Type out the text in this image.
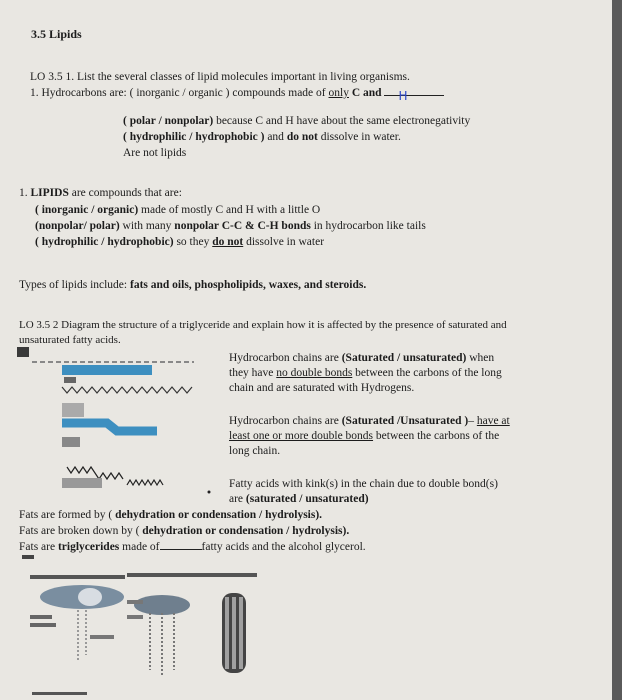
3.5 Lipids
LO 3.5 1. List the several classes of lipid molecules important in living organisms.
1. Hydrocarbons are: ( inorganic / organic ) compounds made of only C and H
( polar / nonpolar) because C and H have about the same electronegativity
( hydrophilic / hydrophobic ) and do not dissolve in water.
Are not lipids
1. LIPIDS are compounds that are:
( inorganic / organic) made of mostly C and H with a little O
(nonpolar/ polar) with many nonpolar C-C & C-H bonds in hydrocarbon like tails
( hydrophilic / hydrophobic) so they do not dissolve in water
Types of lipids include: fats and oils, phospholipids, waxes, and steroids.
LO 3.5 2 Diagram the structure of a triglyceride and explain how it is affected by the presence of saturated and
unsaturated fatty acids.
Hydrocarbon chains are (Saturated / unsaturated) when
they have no double bonds between the carbons of the long
chain and are saturated with Hydrogens.
Hydrocarbon chains are (Saturated /Unsaturated )– have at
least one or more double bonds between the carbons of the
long chain.
Fatty acids with kink(s) in the chain due to double bond(s)
are (saturated / unsaturated)
Fats are formed by ( dehydration or condensation / hydrolysis).
Fats are broken down by ( dehydration or condensation / hydrolysis).
Fats are triglycerides made of	fatty acids and the alcohol glycerol.
